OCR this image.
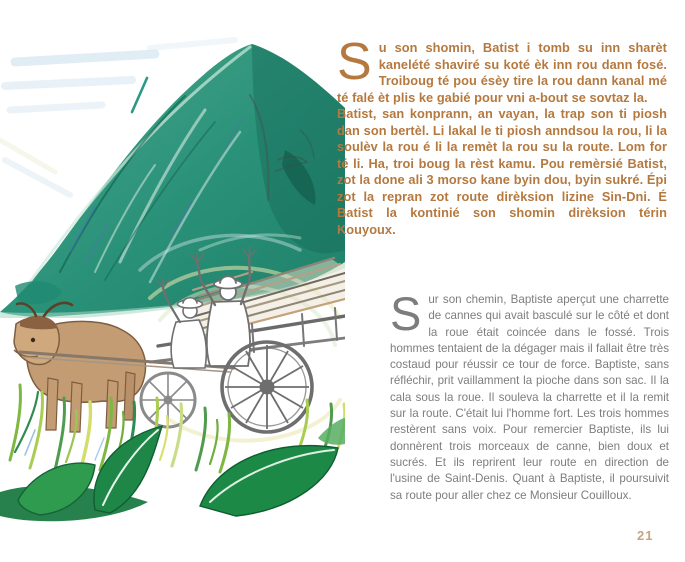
Su son shomin, Batist i tomb su inn sharèt kanelété shaviré su koté èk inn rou dann fosé. Troiboug té pou ésèy tire la rou dann kanal mé té falé èt plis ke gabié pour vni a-bout se sovtaz la.

Batist, san konprann, an vayan, la trap son ti piosh dan son bertèl. Li lakal le ti piosh anndsou la rou, li la soulèv la rou é li la remèt la rou su la route. Lom for té li. Ha, troi boug la rèst kamu. Pou remèrsié Batist, zot la done ali 3 morso kane byin dou, byin sukré. Épi zot la repran zot route dirèksion lizine Sin-Dni. É Batist la kontinié son shomin dirèksion térin Kouyoux.

Sur son chemin, Baptiste aperçut une charrette de cannes qui avait basculé sur le côté et dont la roue était coincée dans le fossé. Trois hommes tentaient de la dégager mais il fallait être très costaud pour réussir ce tour de force. Baptiste, sans réfléchir, prit vaillamment la pioche dans son sac. Il la cala sous la roue. Il souleva la charrette et il la remit sur la route. C'était lui l'homme fort. Les trois hommes restèrent sans voix. Pour remercier Baptiste, ils lui donnèrent trois morceaux de canne, bien doux et sucrés. Et ils reprirent leur route en direction de l'usine de Saint-Denis. Quant à Baptiste, il poursuivit sa route pour aller chez ce Monsieur Couilloux.

21
